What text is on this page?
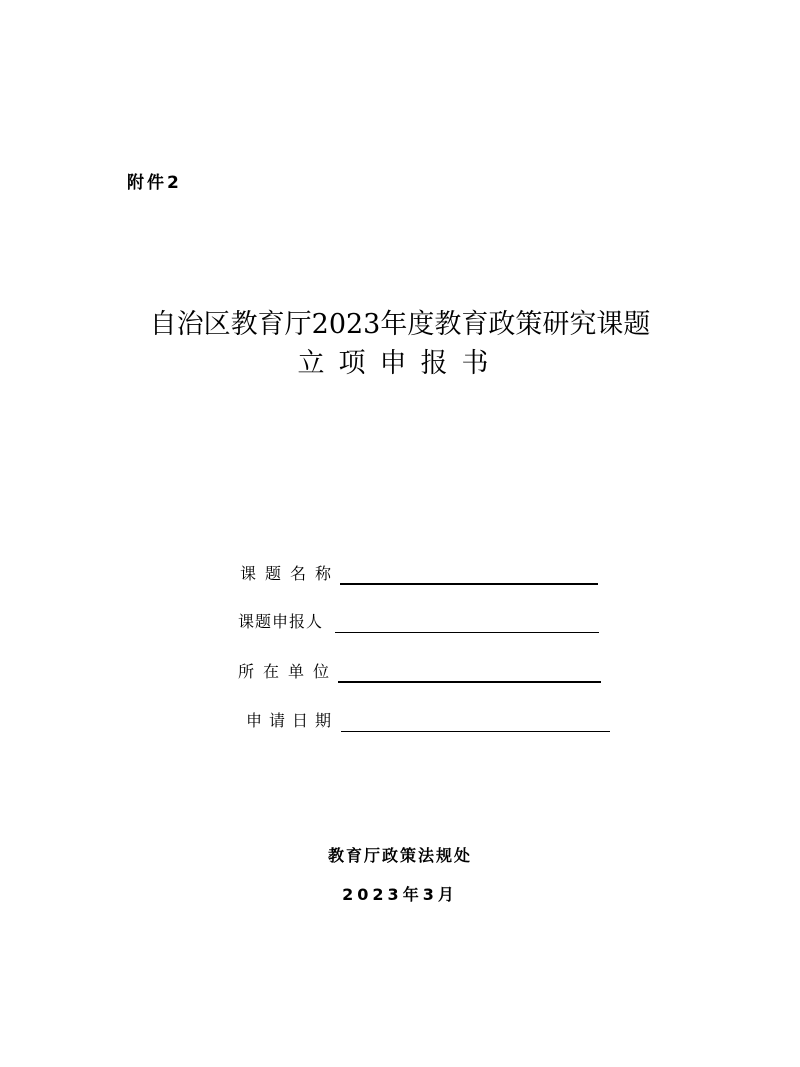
附件2
自治区教育厅2023年度教育政策研究课题
立项申报书
课题名称
课题申报人
所在单位
申请日期
教育厅政策法规处
2023年3月
